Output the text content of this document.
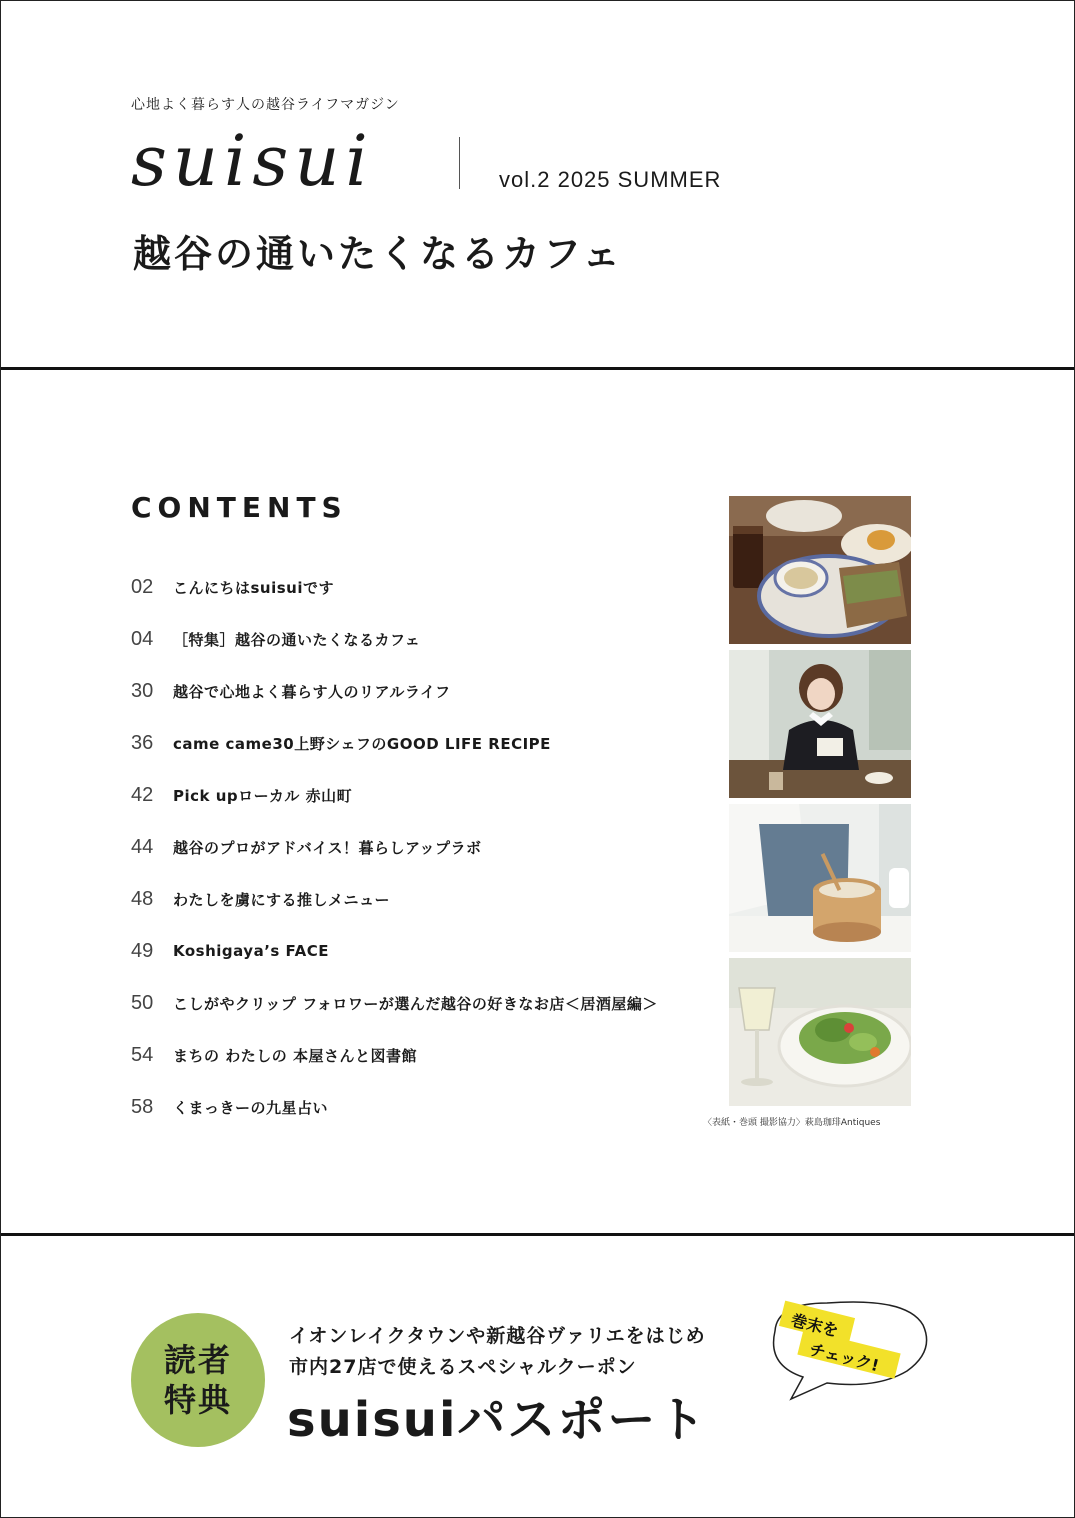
心地よく暮らす人の越谷ライフマガジン
suisui	vol.2 2025 SUMMER
越谷の通いたくなるカフェ
CONTENTS
02	こんにちはsuisuiです
04	［特集］越谷の通いたくなるカフェ
30	越谷で心地よく暮らす人のリアルライフ
36	came came30上野シェフのGOOD LIFE RECIPE
42	Pick upローカル 赤山町
44	越谷のプロがアドバイス！暮らしアップラボ
48	わたしを虜にする推しメニュー
49	Koshigaya’s FACE
50	こしがやクリップ フォロワーが選んだ越谷の好きなお店＜居酒屋編＞
54	まちの わたしの 本屋さんと図書館
58	くまっきーの九星占い
〈表紙・巻頭 撮影協力〉萩島珈琲Antiques
読者
特典
イオンレイクタウンや新越谷ヴァリエをはじめ
市内27店で使えるスペシャルクーポン
suisuiパスポート
巻末を
チェック!
